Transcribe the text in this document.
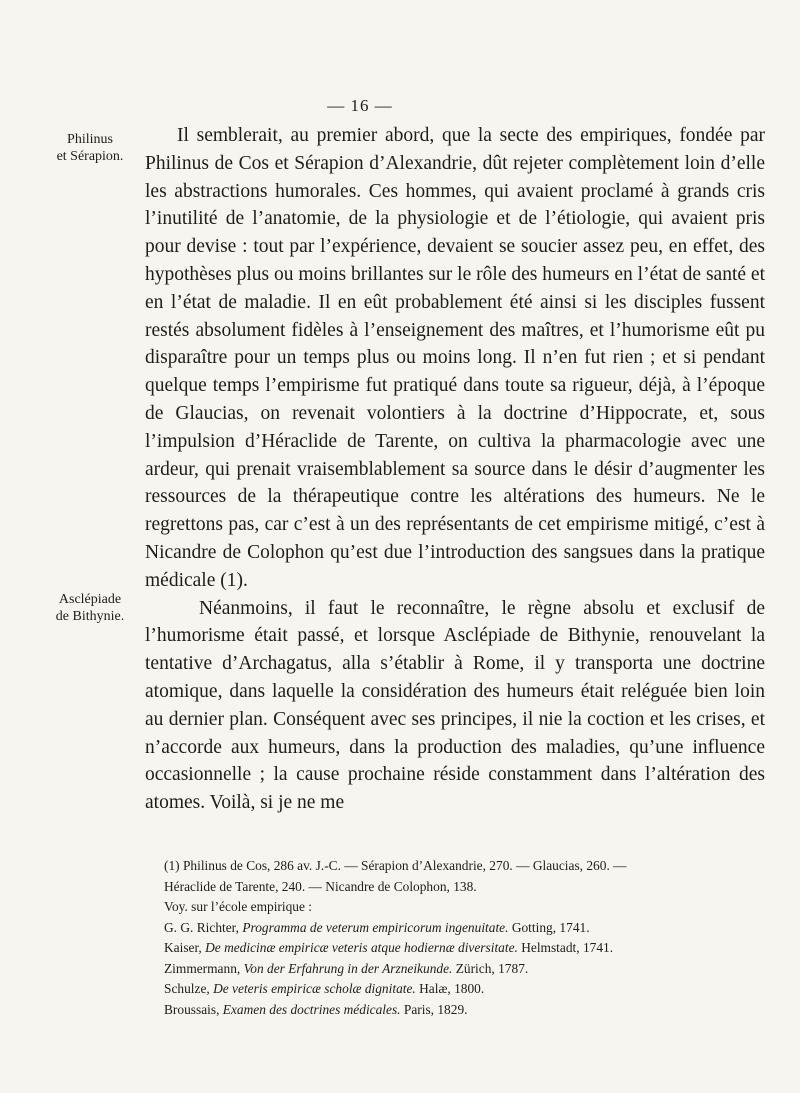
— 16 —
Philinus
et Sérapion.
Asclépiade
de Bithynie.

Il semblerait, au premier abord, que la secte des empiriques, fondée par Philinus de Cos et Sérapion d’Alexandrie, dût rejeter complètement loin d’elle les abstractions humorales. Ces hommes, qui avaient proclamé à grands cris l’inutilité de l’anatomie, de la physiologie et de l’étiologie, qui avaient pris pour devise : tout par l’expérience, devaient se soucier assez peu, en effet, des hypothèses plus ou moins brillantes sur le rôle des humeurs en l’état de santé et en l’état de maladie. Il en eût probablement été ainsi si les disciples fussent restés absolument fidèles à l’enseignement des maîtres, et l’humorisme eût pu disparaître pour un temps plus ou moins long. Il n’en fut rien ; et si pendant quelque temps l’empirisme fut pratiqué dans toute sa rigueur, déjà, à l’époque de Glaucias, on revenait volontiers à la doctrine d’Hippocrate, et, sous l’impulsion d’Héraclide de Tarente, on cultiva la pharmacologie avec une ardeur, qui prenait vraisemblablement sa source dans le désir d’augmenter les ressources de la thérapeutique contre les altérations des humeurs. Ne le regrettons pas, car c’est à un des représentants de cet empirisme mitigé, c’est à Nicandre de Colophon qu’est due l’introduction des sangsues dans la pratique médicale (1).

Néanmoins, il faut le reconnaître, le règne absolu et exclusif de l’humorisme était passé, et lorsque Asclépiade de Bithynie, renouvelant la tentative d’Archagatus, alla s’établir à Rome, il y transporta une doctrine atomique, dans laquelle la considération des humeurs était reléguée bien loin au dernier plan. Conséquent avec ses principes, il nie la coction et les crises, et n’accorde aux humeurs, dans la production des maladies, qu’une influence occasionnelle ; la cause prochaine réside constamment dans l’altération des atomes. Voilà, si je ne me

(1) Philinus de Cos, 286 av. J.-C. — Sérapion d’Alexandrie, 270. — Glaucias, 260. —
Héraclide de Tarente, 240. — Nicandre de Colophon, 138.
Voy. sur l’école empirique :
G. G. Richter, Programma de veterum empiricorum ingenuitate. Gotting, 1741.
Kaiser, De medicinæ empiricæ veteris atque hodiernæ diversitate. Helmstadt, 1741.
Zimmermann, Von der Erfahrung in der Arzneikunde. Zürich, 1787.
Schulze, De veteris empiricæ scholæ dignitate. Halæ, 1800.
Broussais, Examen des doctrines médicales. Paris, 1829.
